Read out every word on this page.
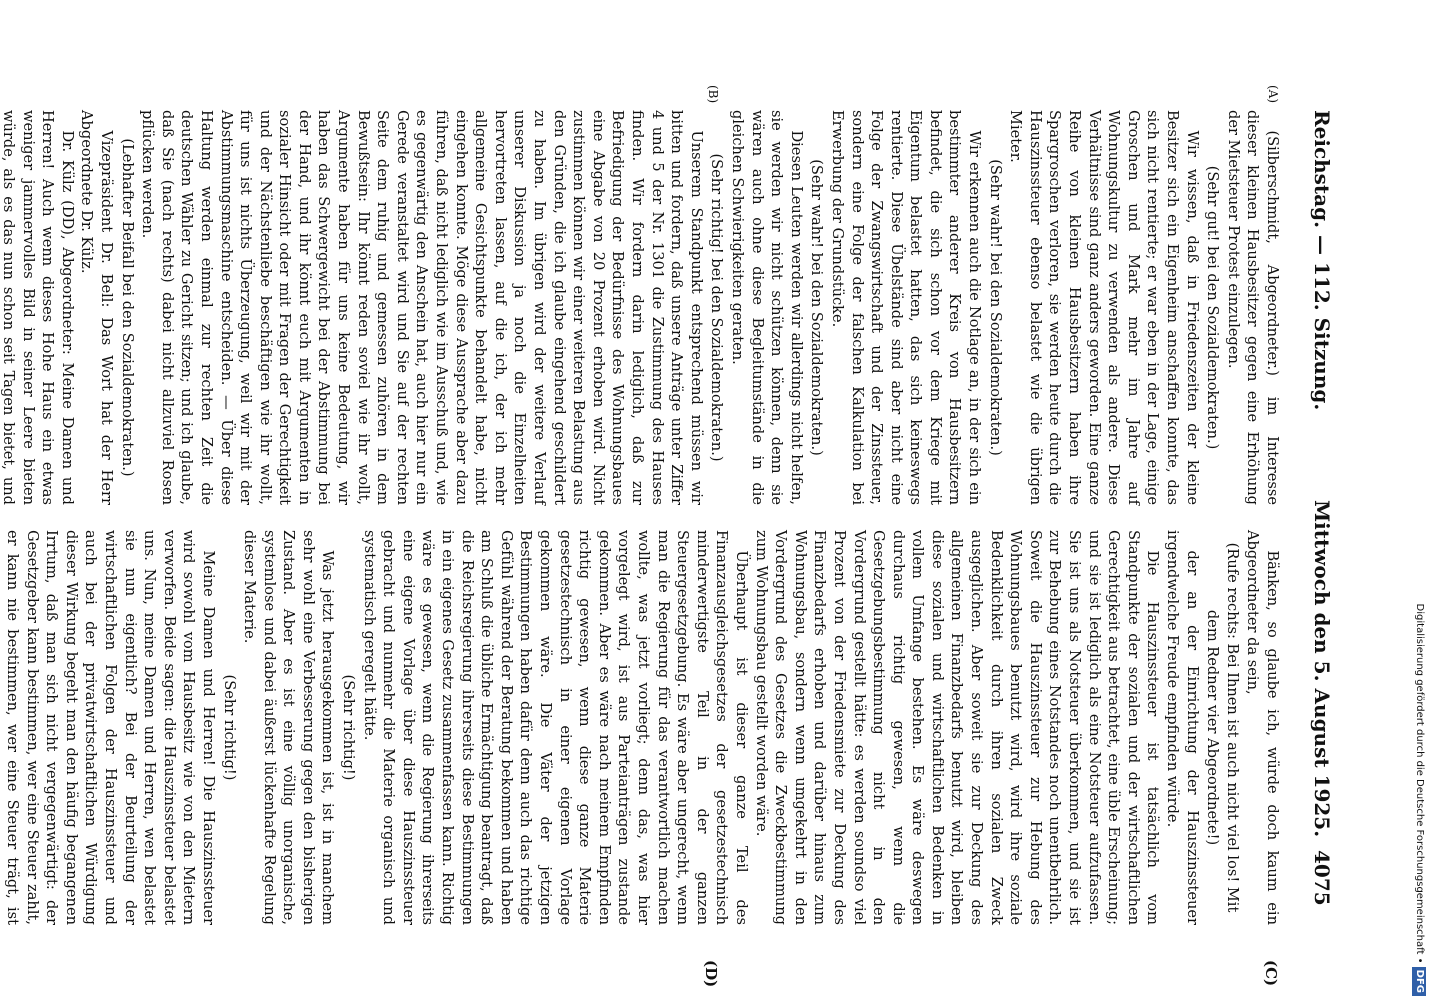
Reichstag. — 112. Sitzung.
Mittwoch den 5. August 1925.
4075
(A)
(B)
(C)
(D)

(Silberschmidt, Abgeordneter.) im Interesse dieser kleinen Hausbesitzer gegen eine Erhöhung der Mietsteuer Protest einzulegen.

(Sehr gut! bei den Sozialdemokraten.)

Wir wissen, daß in Friedenszeiten der kleine Besitzer sich ein Eigenheim anschaffen konnte, das sich nicht rentierte; er war eben in der Lage, einige Groschen und Mark mehr im Jahre auf Wohnungskultur zu verwenden als andere. Diese Verhältnisse sind ganz anders geworden. Eine ganze Reihe von kleinen Hausbesitzern haben ihre Spargroschen verloren, sie werden heute durch die Hauszinssteuer ebenso belastet wie die übrigen Mieter.

(Sehr wahr! bei den Sozialdemokraten.)

Wir erkennen auch die Notlage an, in der sich ein bestimmter anderer Kreis von Hausbesitzern befindet, die sich schon vor dem Kriege mit Eigentum belastet hatten, das sich keineswegs rentierte. Diese Übelstände sind aber nicht eine Folge der Zwangswirtschaft und der Zinssteuer, sondern eine Folge der falschen Kalkulation bei Erwerbung der Grundstücke.

(Sehr wahr! bei den Sozialdemokraten.)

Diesen Leuten werden wir allerdings nicht helfen, sie werden wir nicht schützen können, denn sie wären auch ohne diese Begleitumstände in die gleichen Schwierigkeiten geraten.

(Sehr richtig! bei den Sozialdemokraten.)

Unserem Standpunkt entsprechend müssen wir bitten und fordern, daß unsere Anträge unter Ziffer 4 und 5 der Nr. 1301 die Zustimmung des Hauses finden. Wir fordern darin lediglich, daß zur Befriedigung der Bedürfnisse des Wohnungsbaues eine Abgabe von 20 Prozent erhoben wird. Nicht zustimmen können wir einer weiteren Belastung aus den Gründen, die ich glaube eingehend geschildert zu haben. Im übrigen wird der weitere Verlauf unserer Diskussion ja noch die Einzelheiten hervortreten lassen, auf die ich, der ich mehr allgemeine Gesichtspunkte behandelt habe, nicht eingehen konnte. Möge diese Aussprache aber dazu führen, daß nicht lediglich wie im Ausschuß und, wie es gegenwärtig den Anschein hat, auch hier nur ein Gerede veranstaltet wird und Sie auf der rechten Seite dem ruhig und gemessen zuhören in dem Bewußtsein: Ihr könnt reden soviel wie ihr wollt, Argumente haben für uns keine Bedeutung, wir haben das Schwergewicht bei der Abstimmung bei der Hand, und ihr könnt euch mit Argumenten in sozialer Hinsicht oder mit Fragen der Gerechtigkeit und der Nächstenliebe beschäftigen wie ihr wollt, für uns ist nichts Überzeugung, weil wir mit der Abstimmungsmaschine entscheiden. — Über diese Haltung werden einmal zur rechten Zeit die deutschen Wähler zu Gericht sitzen; und ich glaube, daß Sie (nach rechts) dabei nicht allzuviel Rosen pflücken werden.

(Lebhafter Beifall bei den Sozialdemokraten.)

Vizepräsident Dr. Bell: Das Wort hat der Herr Abgeordnete Dr. Külz.

Dr. Külz (DD), Abgeordneter: Meine Damen und Herren! Auch wenn dieses Hohe Haus ein etwas weniger jammervolles Bild in seiner Leere bieten würde, als es das nun schon seit Tagen bietet, und

Bänken, so glaube ich, würde doch kaum ein Abgeordneter da sein,

(Rufe rechts: Bei Ihnen ist auch nicht viel los! Mit dem Redner vier Abgeordnete!)

der an der Einrichtung der Hauszinssteuer irgendwelche Freude empfinden würde.

Die Hauszinssteuer ist tatsächlich vom Standpunkte der sozialen und der wirtschaftlichen Gerechtigkeit aus betrachtet, eine üble Erscheinung; und sie ist lediglich als eine Notsteuer aufzufassen. Sie ist uns als Notsteuer überkommen, und sie ist zur Behebung eines Notstandes noch unentbehrlich. Soweit die Hauszinssteuer zur Hebung des Wohnungsbaues benutzt wird, wird ihre soziale Bedenklichkeit durch ihren sozialen Zweck ausgeglichen. Aber soweit sie zur Deckung des allgemeinen Finanzbedarfs benutzt wird, bleiben diese sozialen und wirtschaftlichen Bedenken in vollem Umfange bestehen. Es wäre deswegen durchaus richtig gewesen, wenn die Gesetzgebungsbestimmung nicht in den Vordergrund gestellt hätte: es werden soundso viel Prozent von der Friedensmiete zur Deckung des Finanzbedarfs erhoben und darüber hinaus zum Wohnungsbau, sondern wenn umgekehrt in den Vordergrund des Gesetzes die Zweckbestimmung zum Wohnungsbau gestellt worden wäre.

Überhaupt ist dieser ganze Teil des Finanzausgleichsgesetzes der gesetzestechnisch minderwertigste Teil in der ganzen Steuergesetzgebung. Es wäre aber ungerecht, wenn man die Regierung für das verantwortlich machen wollte, was jetzt vorliegt; denn das, was hier vorgelegt wird, ist aus Parteianträgen zustande gekommen. Aber es wäre nach meinem Empfinden richtig gewesen, wenn diese ganze Materie gesetzestechnisch in einer eigenen Vorlage gekommen wäre. Die Väter der jetzigen Bestimmungen haben dafür denn auch das richtige Gefühl während der Beratung bekommen und haben am Schluß die übliche Ermächtigung beantragt, daß die Reichsregierung ihrerseits diese Bestimmungen in ein eigenes Gesetz zusammenfassen kann. Richtig wäre es gewesen, wenn die Regierung ihrerseits eine eigene Vorlage über diese Hauszinssteuer gebracht und nunmehr die Materie organisch und systematisch geregelt hätte.

(Sehr richtig!)

Was jetzt herausgekommen ist, ist in manchem sehr wohl eine Verbesserung gegen den bisherigen Zustand. Aber es ist eine völlig unorganische, systemlose und dabei äußerst lückenhafte Regelung dieser Materie.

(Sehr richtig!)

Meine Damen und Herren! Die Hauszinssteuer wird sowohl vom Hausbesitz wie von den Mietern verworfen. Beide sagen: die Hauszinssteuer belastet uns. Nun, meine Damen und Herren, wen belastet sie nun eigentlich? Bei der Beurteilung der wirtschaftlichen Folgen der Hauszinssteuer und auch bei der privatwirtschaftlichen Würdigung dieser Wirkung begeht man den häufig begangenen Irrtum, daß man sich nicht vergegenwärtigt: der Gesetzgeber kann bestimmen, wer eine Steuer zahlt, er kann nie bestimmen, wer eine Steuer trägt, ist	Digitalisierung gefördert durch die Deutsche Forschungsgemeinschaft • DFG
